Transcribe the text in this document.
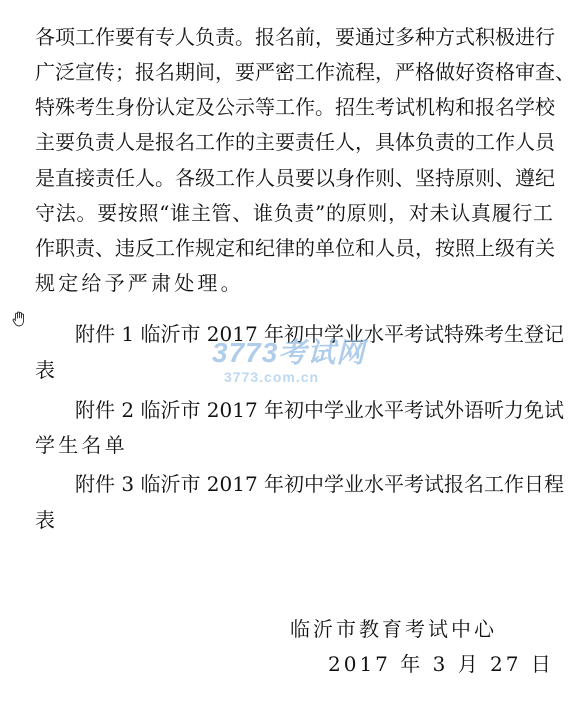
各项工作要有专人负责。报名前，要通过多种方式积极进行
广泛宣传；报名期间，要严密工作流程，严格做好资格审查、
特殊考生身份认定及公示等工作。招生考试机构和报名学校
主要负责人是报名工作的主要责任人，具体负责的工作人员
是直接责任人。各级工作人员要以身作则、坚持原则、遵纪
守法。要按照“谁主管、谁负责”的原则，对未认真履行工
作职责、违反工作规定和纪律的单位和人员，按照上级有关
规定给予严肃处理。
附件 1 临沂市 2017 年初中学业水平考试特殊考生登记
表
附件 2 临沂市 2017 年初中学业水平考试外语听力免试
学生名单
附件 3 临沂市 2017 年初中学业水平考试报名工作日程
表
3773考试网
3773.com.cn
临沂市教育考试中心
2017 年 3 月 27 日
